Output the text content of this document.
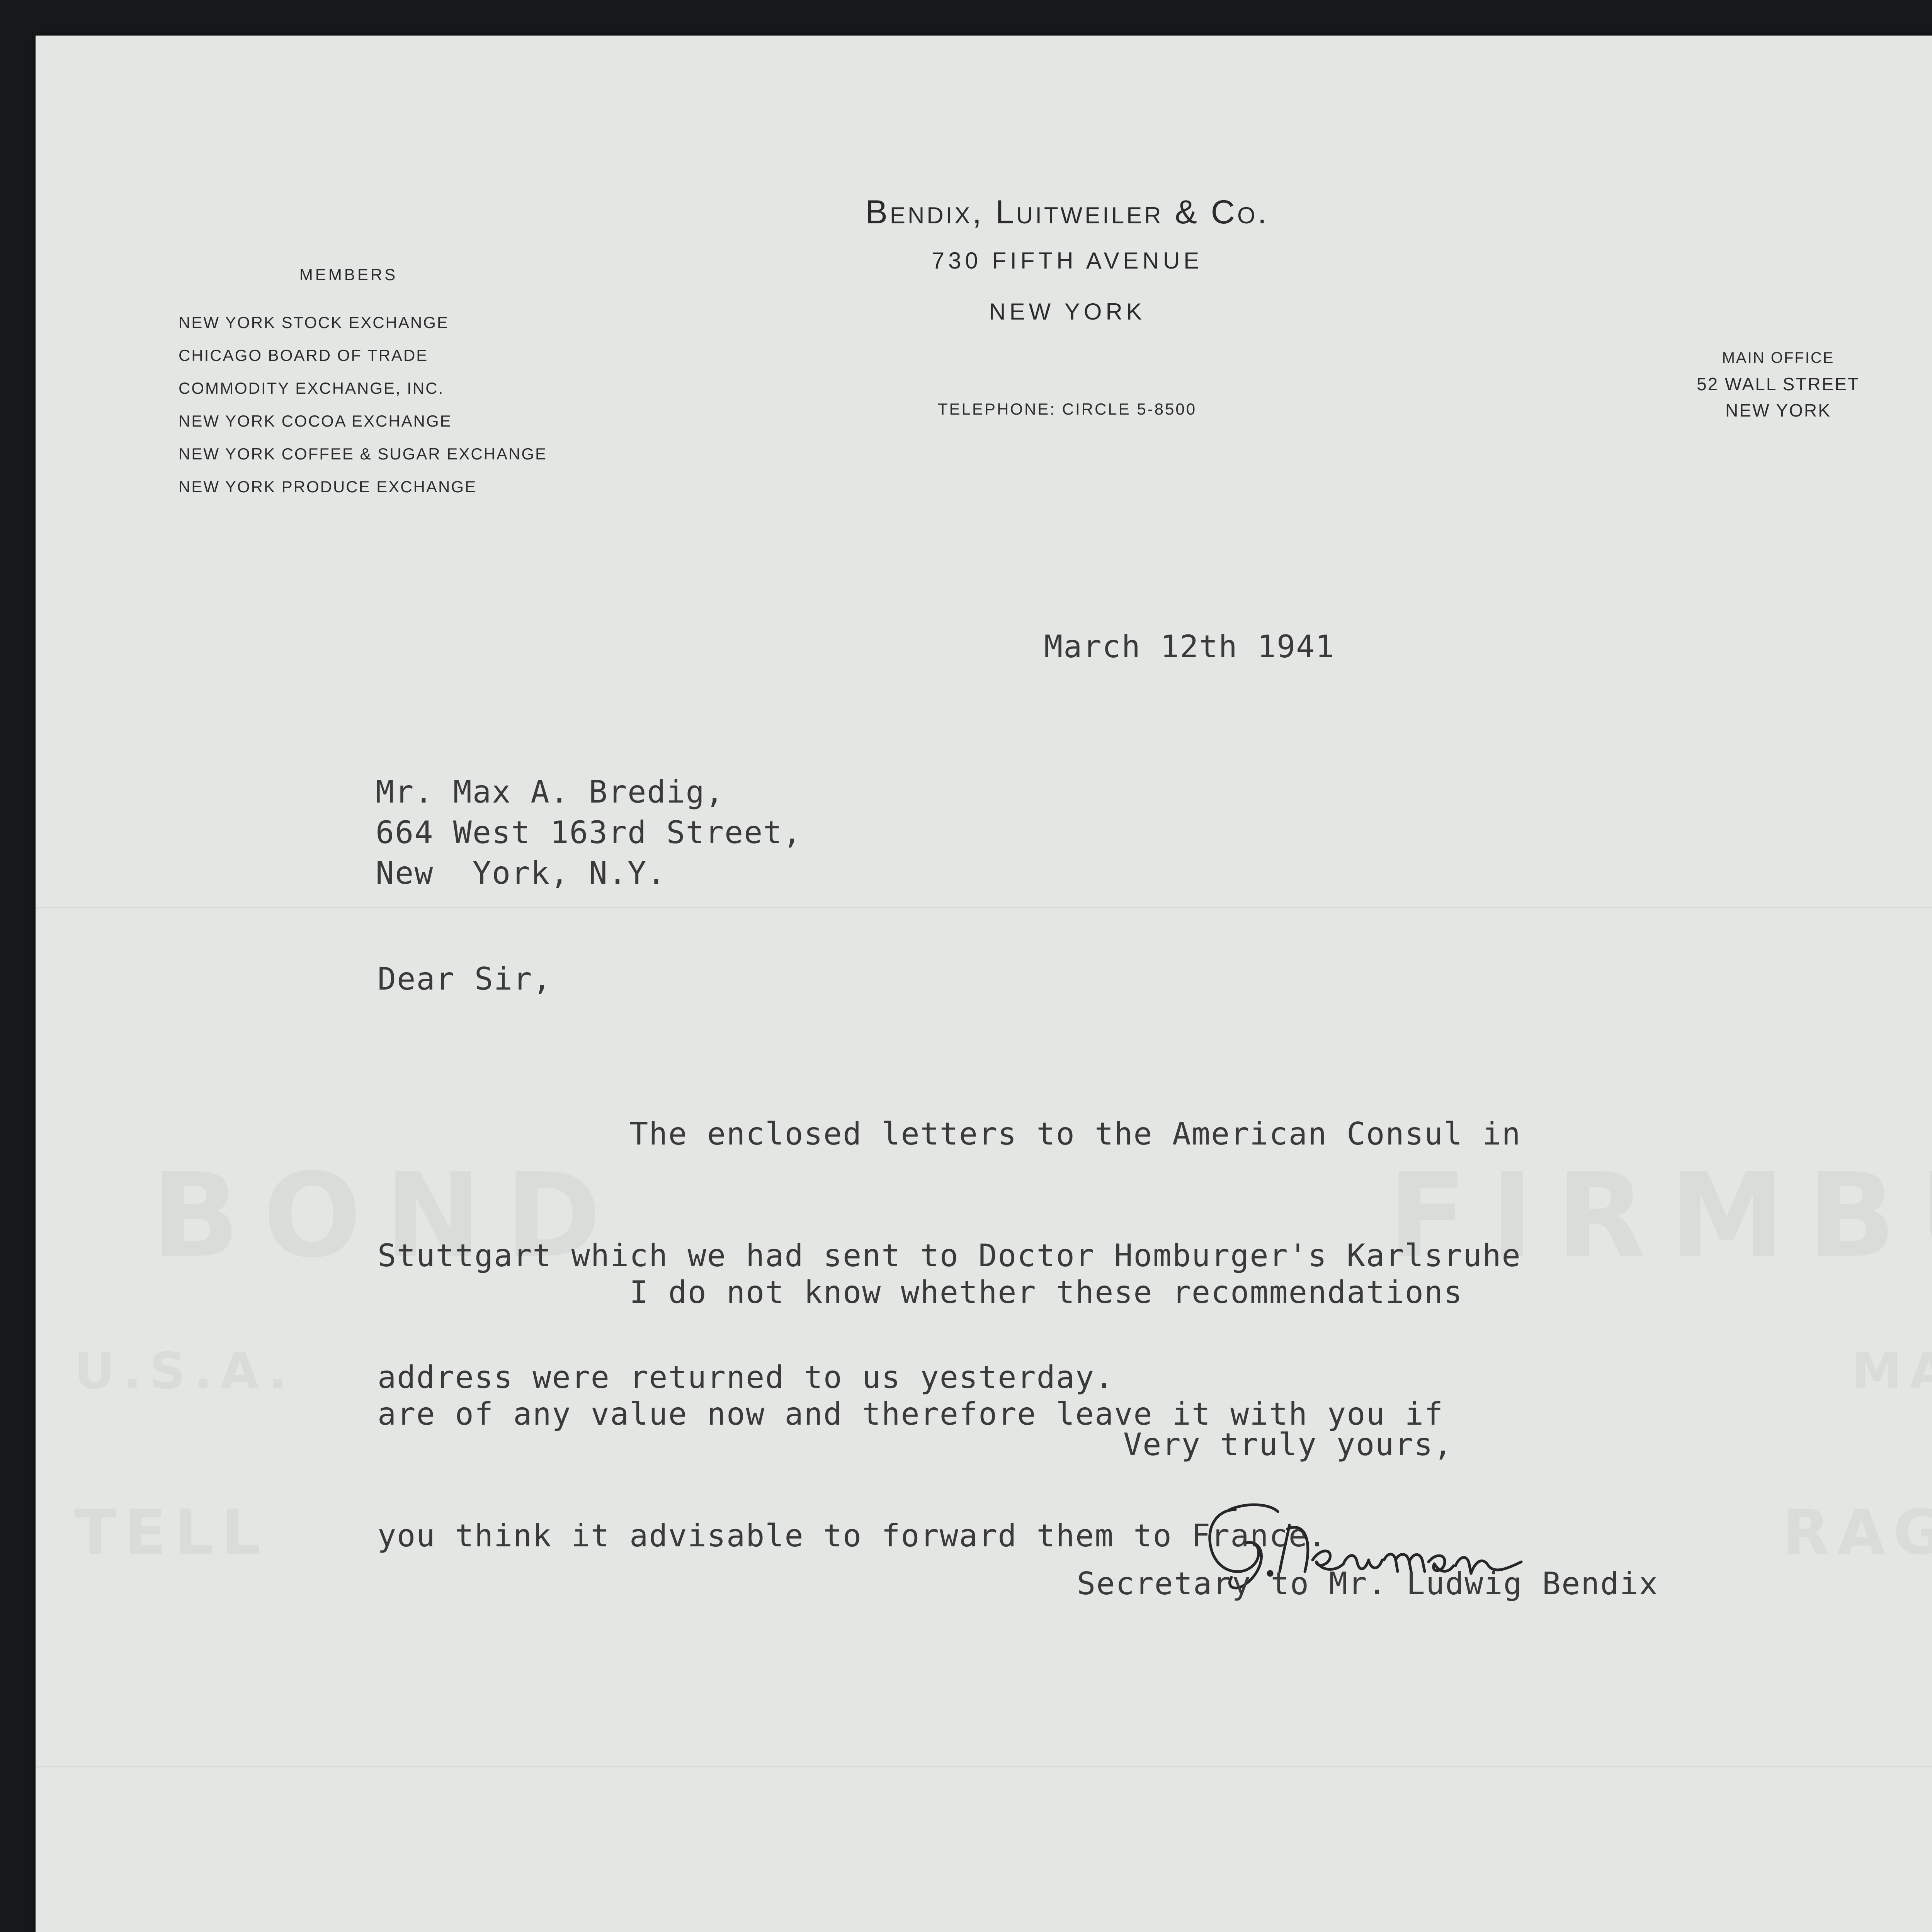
MEMBERS
NEW YORK STOCK EXCHANGE
CHICAGO BOARD OF TRADE
COMMODITY EXCHANGE, INC.
NEW YORK COCOA EXCHANGE
NEW YORK COFFEE & SUGAR EXCHANGE
NEW YORK PRODUCE EXCHANGE
Bendix, Luitweiler & Co.
730 FIFTH AVENUE
NEW YORK
TELEPHONE: CIRCLE 5-8500
MAIN OFFICE
52 WALL STREET
NEW YORK
March 12th 1941
Mr. Max A. Bredig,
664 West 163rd Street,
New  York, N.Y.
Dear Sir,

The enclosed letters to the American Consul in

Stuttgart which we had sent to Doctor Homburger's Karlsruhe

address were returned to us yesterday.

I do not know whether these recommendations

are of any value now and therefore leave it with you if

you think it advisable to forward them to France.

Very truly yours,
Secretary to Mr. Ludwig Bendix
